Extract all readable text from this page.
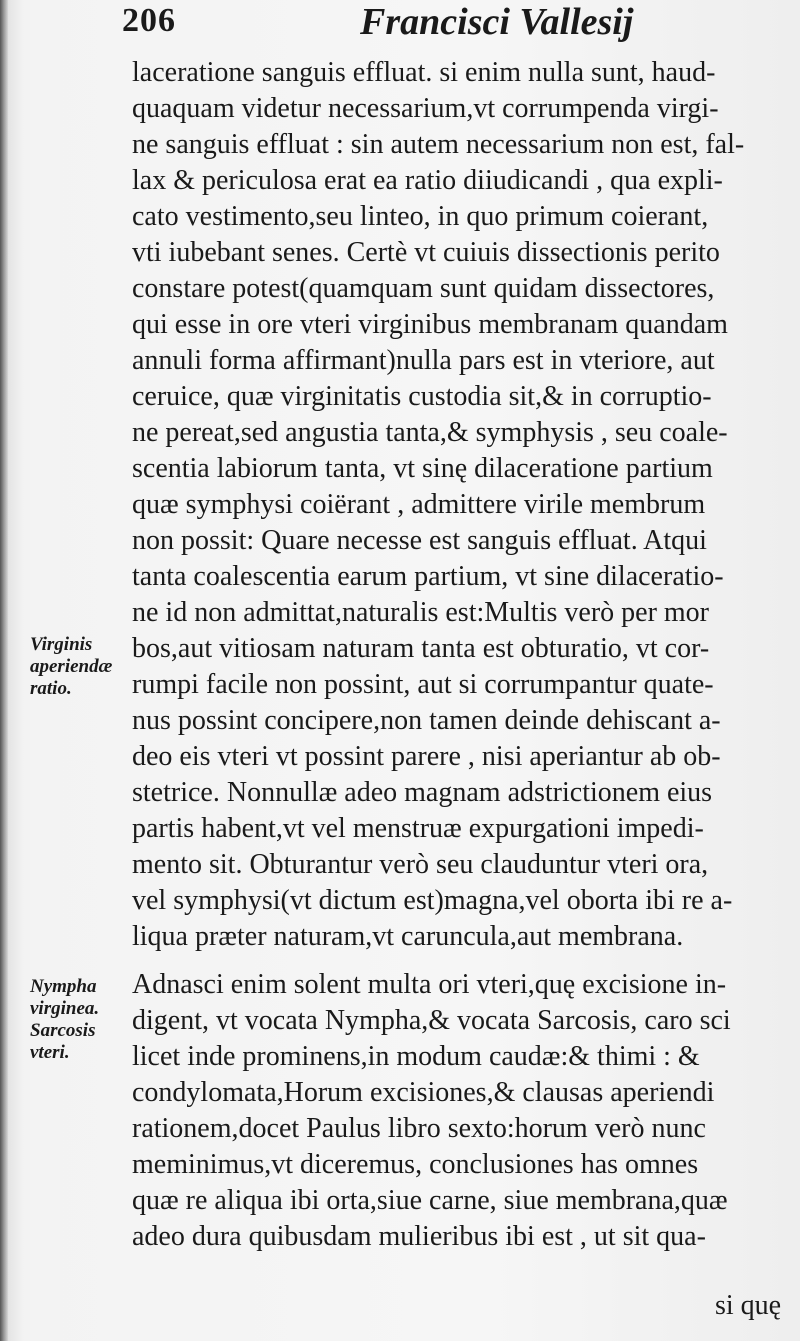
206	Francisci Vallesij
Virginis
aperiendæ
ratio.
Nympha
virginea.
Sarcosis
vteri.
laceratione sanguis effluat. si enim nulla sunt, haud-
quaquam videtur necessarium,vt corrumpenda virgi-
ne sanguis effluat : sin autem necessarium non est, fal-
lax & periculosa erat ea ratio diiudicandi , qua expli-
cato vestimento,seu linteo, in quo primum coierant,
vti iubebant senes. Certè vt cuiuis dissectionis perito
constare potest(quamquam sunt quidam dissectores,
qui esse in ore vteri virginibus membranam quandam
annuli forma affirmant)nulla pars est in vteriore, aut
ceruice, quæ virginitatis custodia sit,& in corruptio-
ne pereat,sed angustia tanta,& symphysis , seu coale-
scentia labiorum tanta, vt sinę dilaceratione partium
quæ symphysi coiërant , admittere virile membrum
non possit: Quare necesse est sanguis effluat. Atqui
tanta coalescentia earum partium, vt sine dilaceratio-
ne id non admittat,naturalis est:Multis verò per mor
bos,aut vitiosam naturam tanta est obturatio, vt cor-
rumpi facile non possint, aut si corrumpantur quate-
nus possint concipere,non tamen deinde dehiscant a-
deo eis vteri vt possint parere , nisi aperiantur ab ob-
stetrice. Nonnullæ adeo magnam adstrictionem eius
partis habent,vt vel menstruæ expurgationi impedi-
mento sit. Obturantur verò seu clauduntur vteri ora,
vel symphysi(vt dictum est)magna,vel oborta ibi re a-
liqua præter naturam,vt caruncula,aut membrana.
Adnasci enim solent multa ori vteri,quę excisione in-
digent, vt vocata Nympha,& vocata Sarcosis, caro sci
licet inde prominens,in modum caudæ:& thimi : &
condylomata,Horum excisiones,& clausas aperiendi
rationem,docet Paulus libro sexto:horum verò nunc
meminimus,vt diceremus, conclusiones has omnes
quæ re aliqua ibi orta,siue carne, siue membrana,quæ
adeo dura quibusdam mulieribus ibi est , ut sit qua-
si quę
